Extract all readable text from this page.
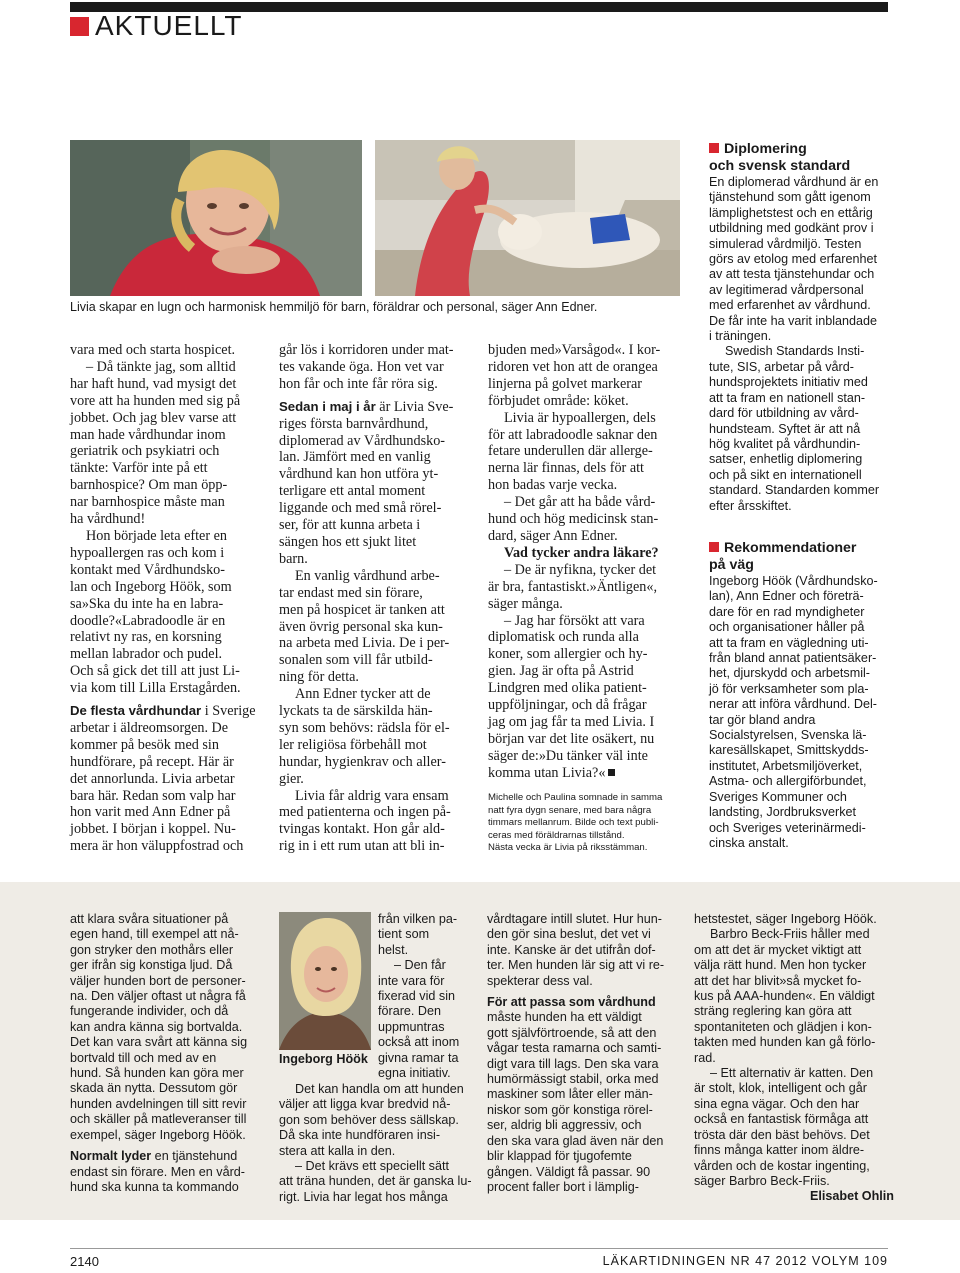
AKTUELLT
Livia skapar en lugn och harmonisk hemmiljö för barn, föräldrar och personal, säger Ann Edner.
vara med och starta hospicet.
– Då tänkte jag, som alltid
har haft hund, vad mysigt det
vore att ha hunden med sig på
jobbet. Och jag blev varse att
man hade vårdhundar inom
geriatrik och psykiatri och
tänkte: Varför inte på ett
barnhospice? Om man öpp-
nar barnhospice måste man
ha vårdhund!
Hon började leta efter en
hypoallergen ras och kom i
kontakt med Vårdhundsko-
lan och Ingeborg Höök, som
sa»Ska du inte ha en labra-
doodle?«Labradoodle är en
relativt ny ras, en korsning
mellan labrador och pudel.
Och så gick det till att just Li-
via kom till Lilla Erstagården.

De flesta vårdhundar i Sverige
arbetar i äldreomsorgen. De
kommer på besök med sin
hundförare, på recept. Här är
det annorlunda. Livia arbetar
bara här. Redan som valp har
hon varit med Ann Edner på
jobbet. I början i koppel. Nu-
mera är hon väluppfostrad och
går lös i korridoren under mat-
tes vakande öga. Hon vet var
hon får och inte får röra sig.

Sedan i maj i år är Livia Sve-
riges första barnvårdhund,
diplomerad av Vårdhundsko-
lan. Jämfört med en vanlig
vårdhund kan hon utföra yt-
terligare ett antal moment
liggande och med små rörel-
ser, för att kunna arbeta i
sängen hos ett sjukt litet
barn.
En vanlig vårdhund arbe-
tar endast med sin förare,
men på hospicet är tanken att
även övrig personal ska kun-
na arbeta med Livia. De i per-
sonalen som vill får utbild-
ning för detta.
Ann Edner tycker att de
lyckats ta de särskilda hän-
syn som behövs: rädsla för el-
ler religiösa förbehåll mot
hundar, hygienkrav och aller-
gier.
Livia får aldrig vara ensam
med patienterna och ingen på-
tvingas kontakt. Hon går ald-
rig in i ett rum utan att bli in-
bjuden med»Varsågod«. I kor-
ridoren vet hon att de orangea
linjerna på golvet markerar
förbjudet område: köket.
Livia är hypoallergen, dels
för att labradoodle saknar den
fetare underullen där allerge-
nerna lär finnas, dels för att
hon badas varje vecka.
– Det går att ha både vård-
hund och hög medicinsk stan-
dard, säger Ann Edner.
Vad tycker andra läkare?
– De är nyfikna, tycker det
är bra, fantastiskt.»Äntligen«,
säger många.
– Jag har försökt att vara
diplomatisk och runda alla
koner, som allergier och hy-
gien. Jag är ofta på Astrid
Lindgren med olika patient-
uppföljningar, och då frågar
jag om jag får ta med Livia. I
början var det lite osäkert, nu
säger de:»Du tänker väl inte
komma utan Livia?«
Michelle och Paulina somnade in samma
natt fyra dygn senare, med bara några
timmars mellanrum. Bilde och text publi-
ceras med föräldrarnas tillstånd.
Nästa vecka är Livia på riksstämman.
Diplomering
och svensk standard
En diplomerad vårdhund är en
tjänstehund som gått igenom
lämplighetstest och en ettårig
utbildning med godkänt prov i
simulerad vårdmiljö. Testen
görs av etolog med erfarenhet
av att testa tjänstehundar och
av legitimerad vårdpersonal
med erfarenhet av vårdhund.
De får inte ha varit inblandade
i träningen.
Swedish Standards Insti-
tute, SIS, arbetar på vård-
hundsprojektets initiativ med
att ta fram en nationell stan-
dard för utbildning av vård-
hundsteam. Syftet är att nå
hög kvalitet på vårdhundin-
satser, enhetlig diplomering
och på sikt en internationell
standard. Standarden kommer
efter årsskiftet.
Rekommendationer
på väg
Ingeborg Höök (Vårdhundsko-
lan), Ann Edner och företrä-
dare för en rad myndigheter
och organisationer håller på
att ta fram en vägledning uti-
från bland annat patientsäker-
het, djurskydd och arbetsmil-
jö för verksamheter som pla-
nerar att införa vårdhund. Del-
tar gör bland andra
Socialstyrelsen, Svenska lä-
karesällskapet, Smittskydds-
institutet, Arbetsmiljöverket,
Astma- och allergiförbundet,
Sveriges Kommuner och
landsting, Jordbruksverket
och Sveriges veterinärmedi-
cinska anstalt.
att klara svåra situationer på
egen hand, till exempel att nå-
gon stryker den mothårs eller
ger ifrån sig konstiga ljud. Då
väljer hunden bort de personer-
na. Den väljer oftast ut några få
fungerande individer, och då
kan andra känna sig bortvalda.
Det kan vara svårt att känna sig
bortvald till och med av en
hund. Så hunden kan göra mer
skada än nytta. Dessutom gör
hunden avdelningen till sitt revir
och skäller på matleveranser till
exempel, säger Ingeborg Höök.

Normalt lyder en tjänstehund
endast sin förare. Men en vård-
hund ska kunna ta kommando
Ingeborg Höök
från vilken pa-
tient som
helst.
– Den får
inte vara för
fixerad vid sin
förare. Den
uppmuntras
också att inom
givna ramar ta
egna initiativ.
Det kan handla om att hunden
väljer att ligga kvar bredvid nå-
gon som behöver dess sällskap.
Då ska inte hundföraren insi-
stera att kalla in den.
– Det krävs ett speciellt sätt
att träna hunden, det är ganska lu-
rigt. Livia har legat hos många
vårdtagare intill slutet. Hur hun-
den gör sina beslut, det vet vi
inte. Kanske är det utifrån dof-
ter. Men hunden lär sig att vi re-
spekterar dess val.

För att passa som vårdhund
måste hunden ha ett väldigt
gott självförtroende, så att den
vågar testa ramarna och samti-
digt vara till lags. Den ska vara
humörmässigt stabil, orka med
maskiner som låter eller män-
niskor som gör konstiga rörel-
ser, aldrig bli aggressiv, och
den ska vara glad även när den
blir klappad för tjugofemte
gången. Väldigt få passar. 90
procent faller bort i lämplig-
hetstestet, säger Ingeborg Höök.
Barbro Beck-Friis håller med
om att det är mycket viktigt att
välja rätt hund. Men hon tycker
att det har blivit»så mycket fo-
kus på AAA-hunden«. En väldigt
sträng reglering kan göra att
spontaniteten och glädjen i kon-
takten med hunden kan gå förlo-
rad.
– Ett alternativ är katten. Den
är stolt, klok, intelligent och går
sina egna vägar. Och den har
också en fantastisk förmåga att
trösta där den bäst behövs. Det
finns många katter inom äldre-
vården och de kostar ingenting,
säger Barbro Beck-Friis.
Elisabet Ohlin
2140	LÄKARTIDNINGEN NR 47 2012 VOLYM 109
